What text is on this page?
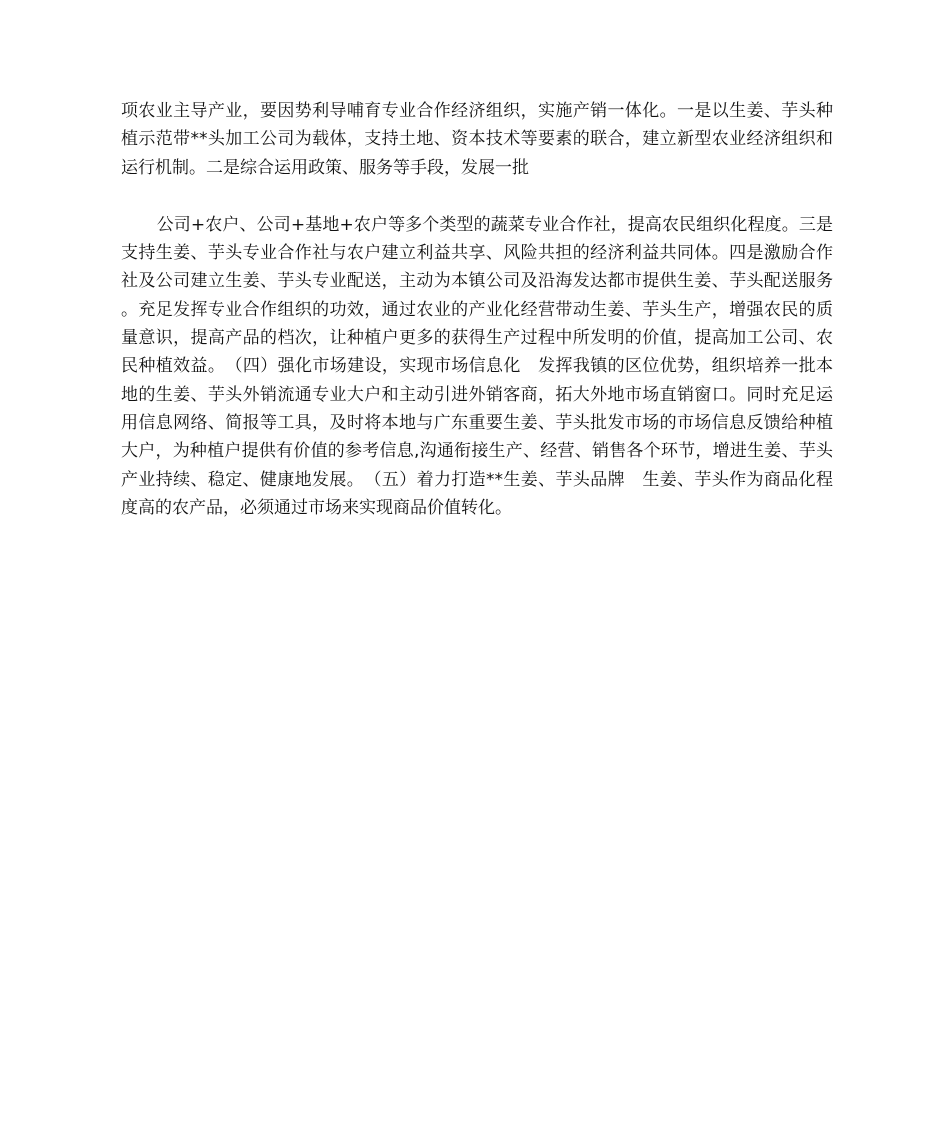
项农业主导产业，要因势利导哺育专业合作经济组织，实施产销一体化。一是以生姜、芋头种植示范带**头加工公司为载体，支持土地、资本技术等要素的联合，建立新型农业经济组织和运行机制。二是综合运用政策、服务等手段，发展一批

公司+农户、公司+基地+农户等多个类型的蔬菜专业合作社，提高农民组织化程度。三是支持生姜、芋头专业合作社与农户建立利益共享、风险共担的经济利益共同体。四是激励合作社及公司建立生姜、芋头专业配送，主动为本镇公司及沿海发达都市提供生姜、芋头配送服务。充足发挥专业合作组织的功效，通过农业的产业化经营带动生姜、芋头生产，增强农民的质量意识，提高产品的档次，让种植户更多的获得生产过程中所发明的价值，提高加工公司、农民种植效益。　（四）强化市场建设，实现市场信息化　发挥我镇的区位优势，组织培养一批本地的生姜、芋头外销流通专业大户和主动引进外销客商，拓大外地市场直销窗口。同时充足运用信息网络、简报等工具，及时将本地与广东重要生姜、芋头批发市场的市场信息反馈给种植大户，为种植户提供有价值的参考信息,沟通衔接生产、经营、销售各个环节，增进生姜、芋头产业持续、稳定、健康地发展。　（五）着力打造**生姜、芋头品牌　生姜、芋头作为商品化程度高的农产品，必须通过市场来实现商品价值转化。
